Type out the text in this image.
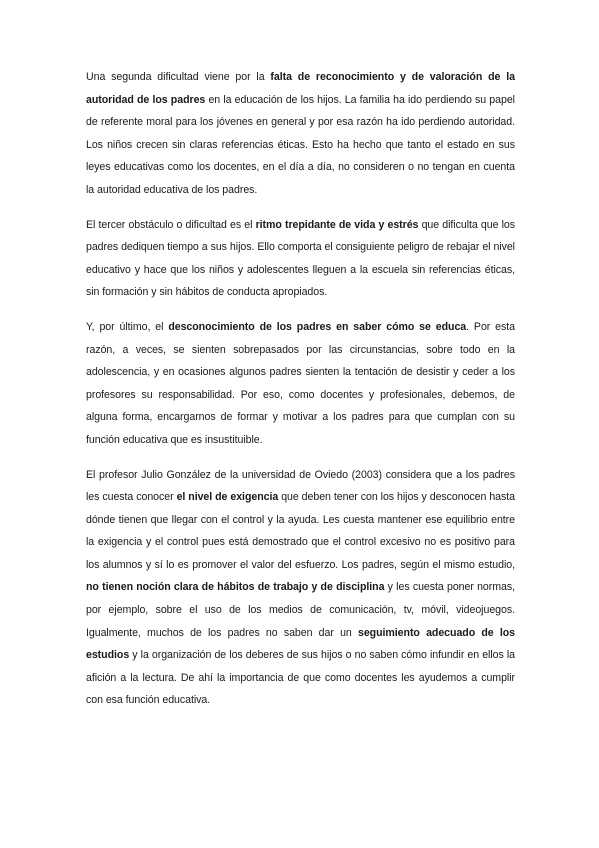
Una segunda dificultad viene por la falta de reconocimiento y de valoración de la autoridad de los padres en la educación de los hijos. La familia ha ido perdiendo su papel de referente moral para los jóvenes en general y por esa razón ha ido perdiendo autoridad. Los niños crecen sin claras referencias éticas. Esto ha hecho que tanto el estado en sus leyes educativas como los docentes, en el día a día, no consideren o no tengan en cuenta la autoridad educativa de los padres.

El tercer obstáculo o dificultad es el ritmo trepidante de vida y estrés que dificulta que los padres dediquen tiempo a sus hijos. Ello comporta el consiguiente peligro de rebajar el nivel educativo y hace que los niños y adolescentes lleguen a la escuela sin referencias éticas, sin formación y sin hábitos de conducta apropiados.

Y, por último, el desconocimiento de los padres en saber cómo se educa. Por esta razón, a veces, se sienten sobrepasados por las circunstancias, sobre todo en la adolescencia, y en ocasiones algunos padres sienten la tentación de desistir y ceder a los profesores su responsabilidad. Por eso, como docentes y profesionales, debemos, de alguna forma, encargarnos de formar y motivar a los padres para que cumplan con su función educativa que es insustituible.

El profesor Julio González de la universidad de Oviedo (2003) considera que a los padres les cuesta conocer el nivel de exigencia que deben tener con los hijos y desconocen hasta dónde tienen que llegar con el control y la ayuda. Les cuesta mantener ese equilibrio entre la exigencia y el control pues está demostrado que el control excesivo no es positivo para los alumnos y sí lo es promover el valor del esfuerzo. Los padres, según el mismo estudio, no tienen noción clara de hábitos de trabajo y de disciplina y les cuesta poner normas, por ejemplo, sobre el uso de los medios de comunicación, tv, móvil, videojuegos. Igualmente, muchos de los padres no saben dar un seguimiento adecuado de los estudios y la organización de los deberes de sus hijos o no saben cómo infundir en ellos la afición a la lectura. De ahí la importancia de que como docentes les ayudemos a cumplir con esa función educativa.
